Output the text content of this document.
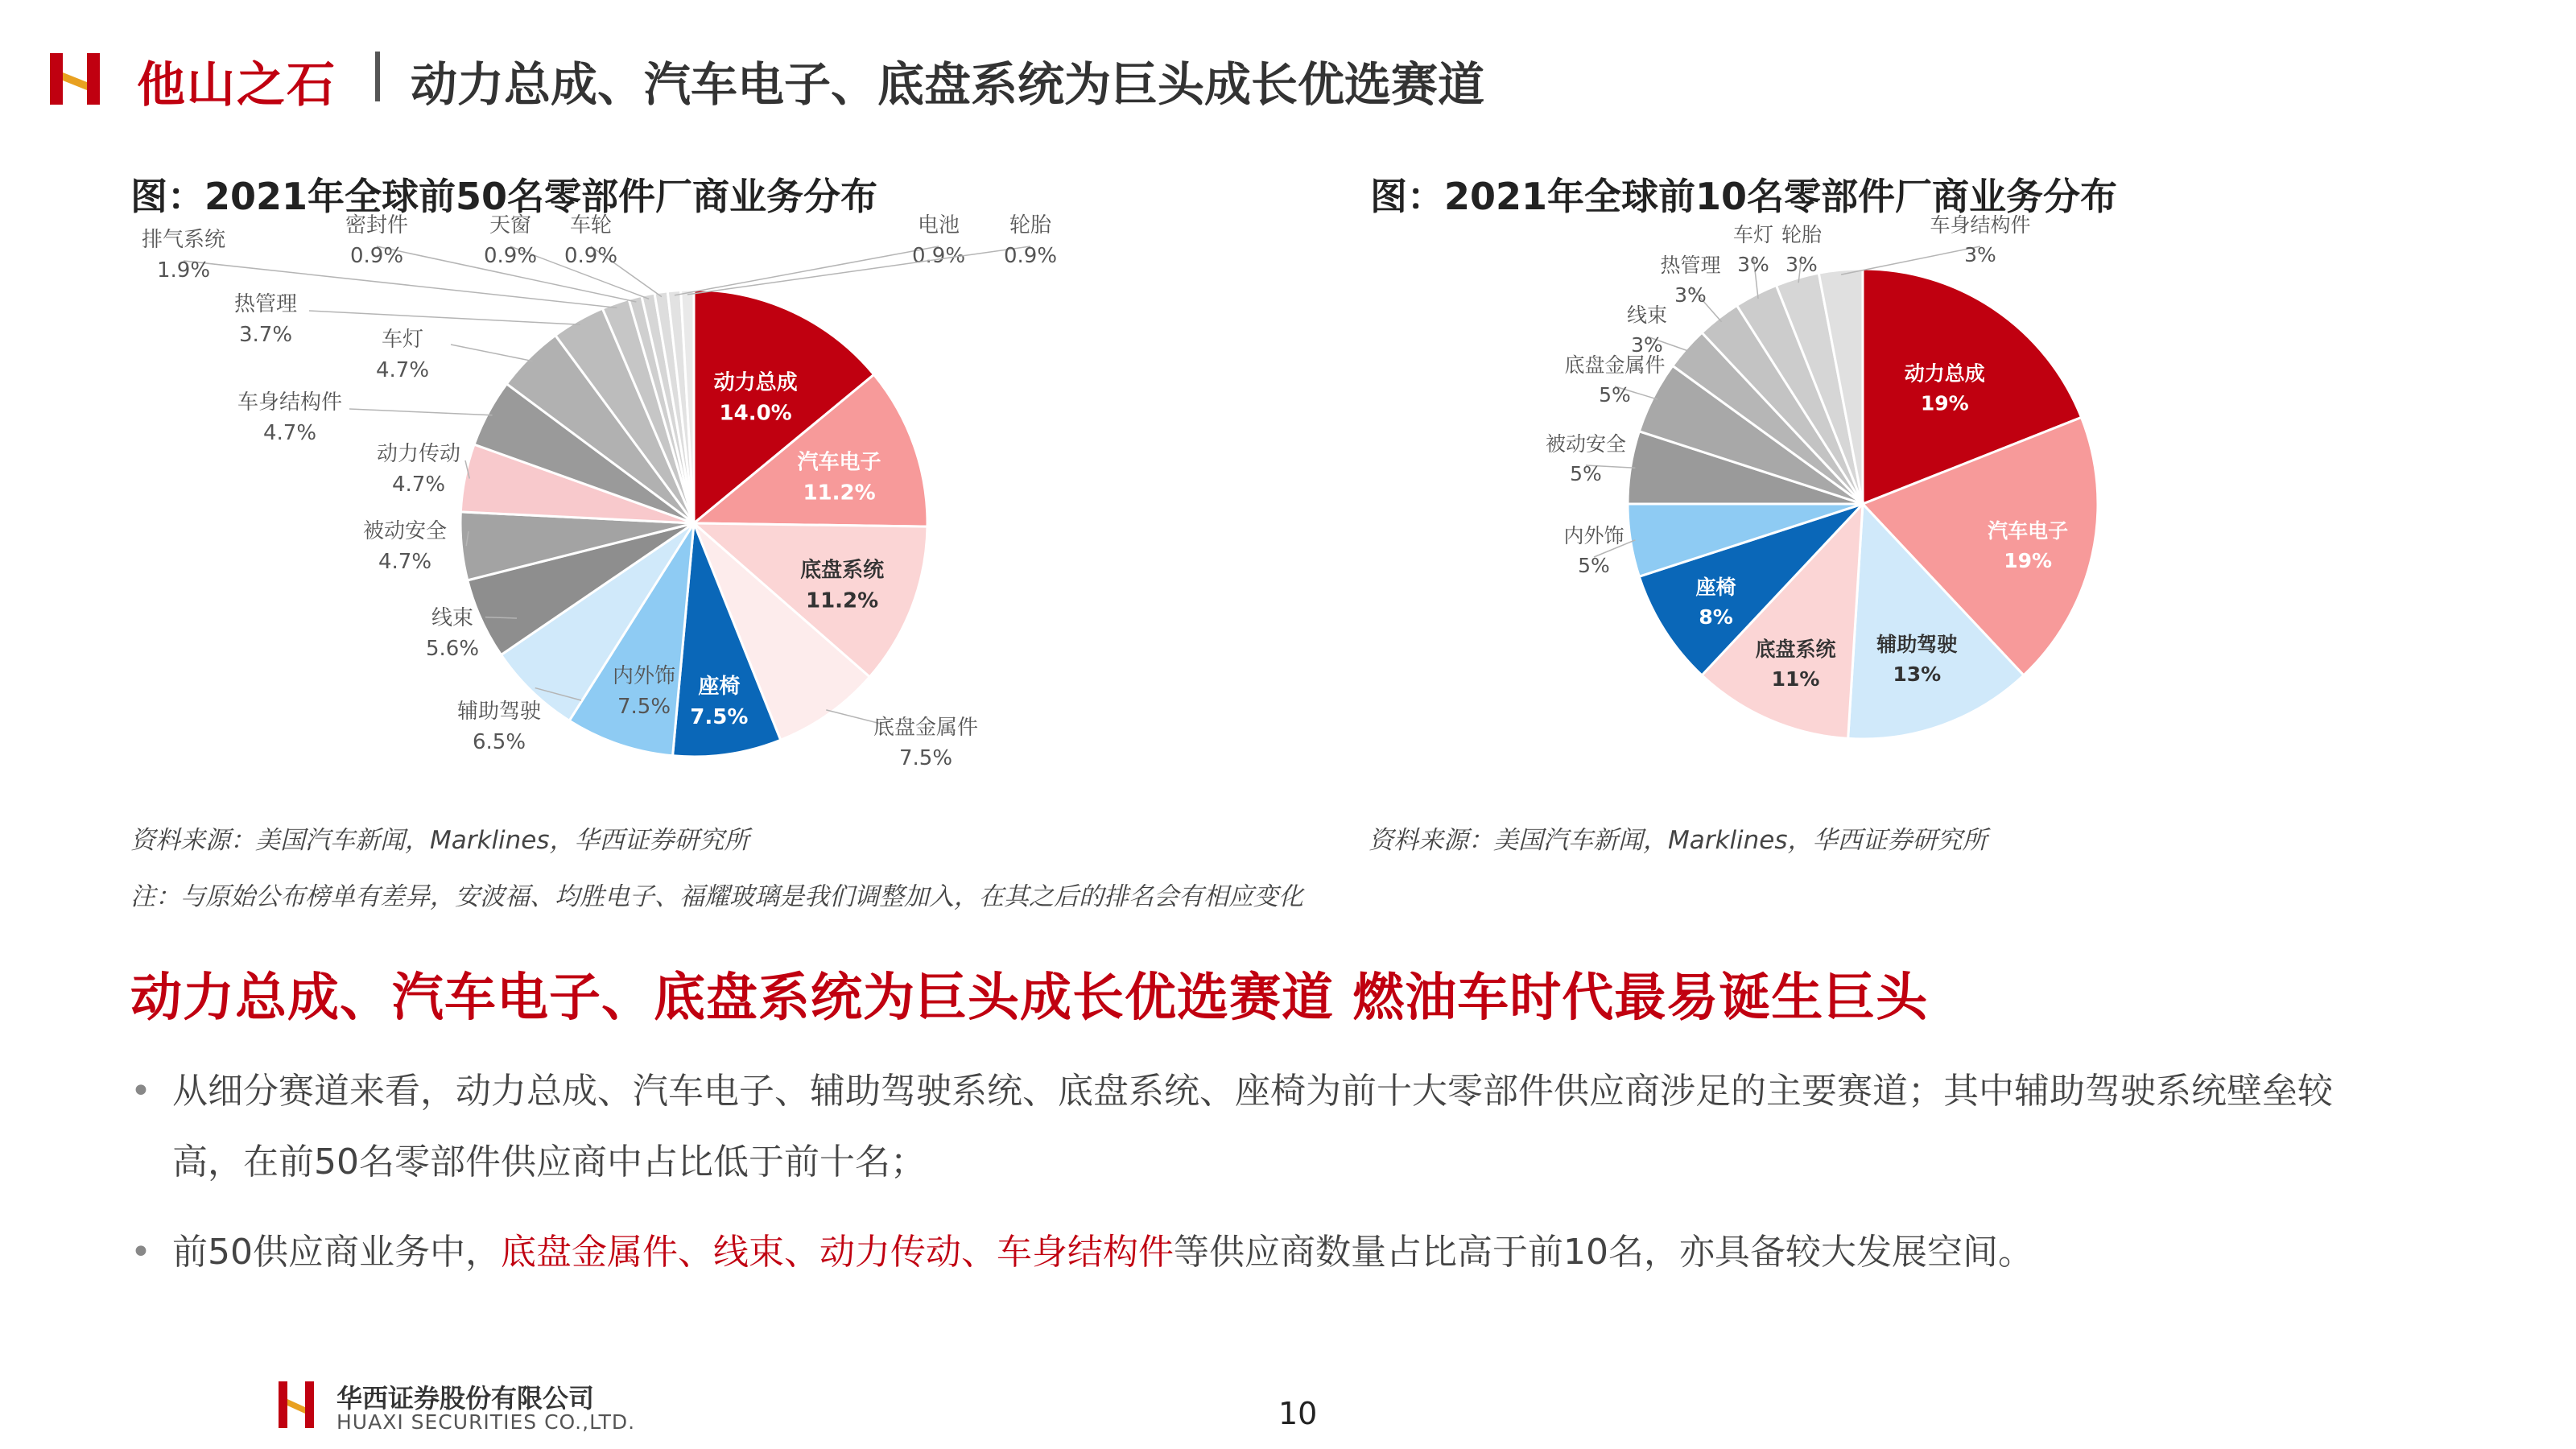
他山之石 动力总成、汽车电子、底盘系统为巨头成长优选赛道
图：2021年全球前50名零部件厂商业务分布	图：2021年全球前10名零部件厂商业务分布
动力总成
14.0%
汽车电子
11.2%
底盘系统
11.2%
底盘金属件
7.5%
座椅
7.5%
内外饰
7.5%
辅助驾驶
6.5%
线束
5.6%
被动安全
4.7%
动力传动
4.7%
车身结构件
4.7%
车灯
4.7%
热管理
3.7%
排气系统
1.9%
密封件
0.9%
天窗
0.9%
车轮
0.9%
电池
0.9%
轮胎
0.9%
动力总成
19%
汽车电子
19%
辅助驾驶
13%
底盘系统
11%
座椅
8%
内外饰
5%
被动安全
5%
底盘金属件
5%
线束
3%
热管理
3%
车灯
3%
轮胎
3%
车身结构件
3%
资料来源：美国汽车新闻，Marklines，华西证券研究所	资料来源：美国汽车新闻，Marklines，华西证券研究所
注：与原始公布榜单有差异，安波福、均胜电子、福耀玻璃是我们调整加入，在其之后的排名会有相应变化
动力总成、汽车电子、底盘系统为巨头成长优选赛道 燃油车时代最易诞生巨头
• 从细分赛道来看，动力总成、汽车电子、辅助驾驶系统、底盘系统、座椅为前十大零部件供应商涉足的主要赛道；其中辅助驾驶系统壁垒较高，在前50名零部件供应商中占比低于前十名；
• 前50供应商业务中，底盘金属件、线束、动力传动、车身结构件等供应商数量占比高于前10名，亦具备较大发展空间。
华西证券股份有限公司
HUAXI SECURITIES CO.,LTD.	10
